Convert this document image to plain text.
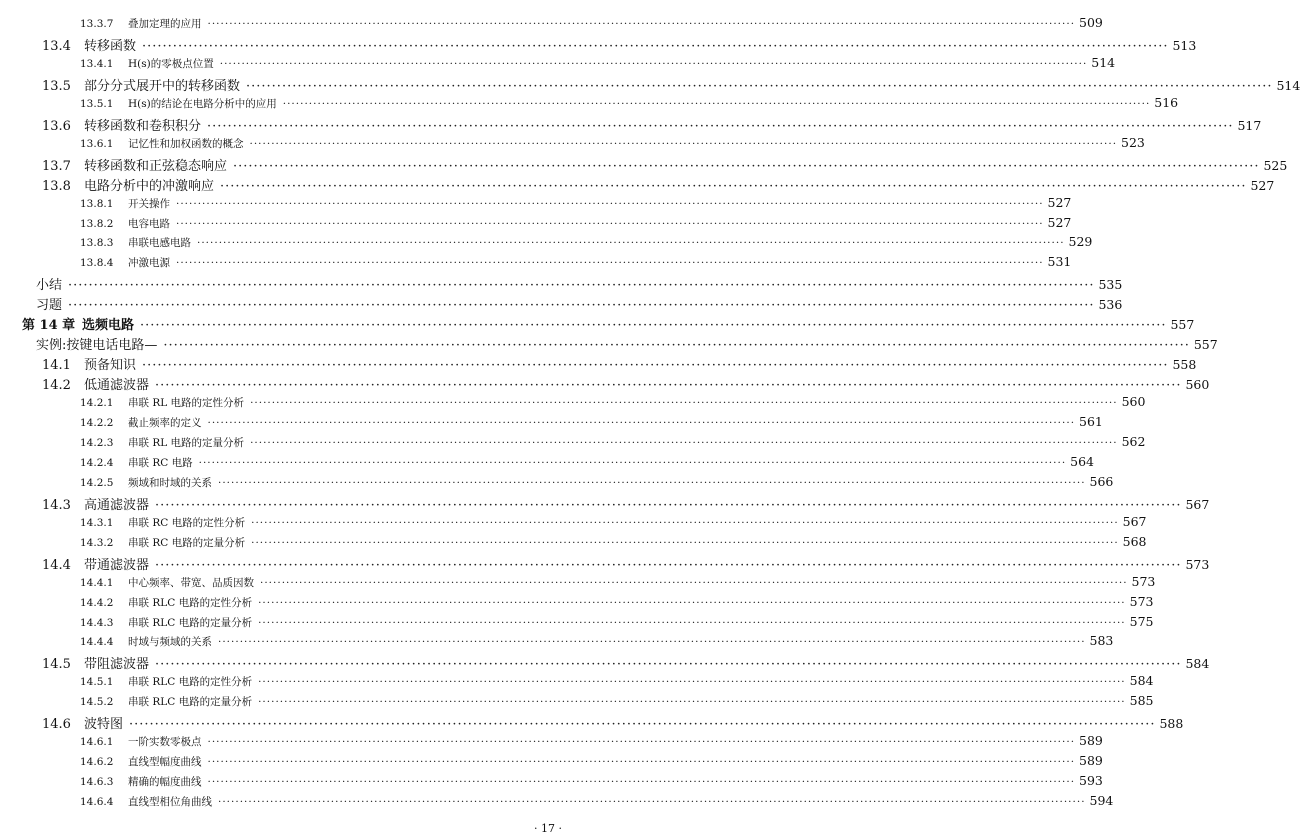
13.3.7	叠加定理的应用 ········································································································································································································ 509
13.4	转移函数 ········································································································································································································ 513
13.4.1	H(s)的零极点位置 ········································································································································································································ 514
13.5	部分分式展开中的转移函数 ········································································································································································································ 514
13.5.1	H(s)的结论在电路分析中的应用 ········································································································································································································ 516
13.6	转移函数和卷积积分 ········································································································································································································ 517
13.6.1	记忆性和加权函数的概念 ········································································································································································································ 523
13.7	转移函数和正弦稳态响应 ········································································································································································································ 525
13.8	电路分析中的冲激响应 ········································································································································································································ 527
13.8.1	开关操作 ········································································································································································································ 527
13.8.2	电容电路 ········································································································································································································ 527
13.8.3	串联电感电路 ········································································································································································································ 529
13.8.4	冲激电源 ········································································································································································································ 531
小结 ········································································································································································································ 535
习题 ········································································································································································································ 536
第 14 章 选频电路 ········································································································································································································ 557
实例:按键电话电路— ········································································································································································································ 557
14.1	预备知识 ········································································································································································································ 558
14.2	低通滤波器 ········································································································································································································ 560
14.2.1	串联 RL 电路的定性分析 ········································································································································································································ 560
14.2.2	截止频率的定义 ········································································································································································································ 561
14.2.3	串联 RL 电路的定量分析 ········································································································································································································ 562
14.2.4	串联 RC 电路 ········································································································································································································ 564
14.2.5	频域和时域的关系 ········································································································································································································ 566
14.3	高通滤波器 ········································································································································································································ 567
14.3.1	串联 RC 电路的定性分析 ········································································································································································································ 567
14.3.2	串联 RC 电路的定量分析 ········································································································································································································ 568
14.4	带通滤波器 ········································································································································································································ 573
14.4.1	中心频率、带宽、品质因数 ········································································································································································································ 573
14.4.2	串联 RLC 电路的定性分析 ········································································································································································································ 573
14.4.3	串联 RLC 电路的定量分析 ········································································································································································································ 575
14.4.4	时域与频域的关系 ········································································································································································································ 583
14.5	带阻滤波器 ········································································································································································································ 584
14.5.1	串联 RLC 电路的定性分析 ········································································································································································································ 584
14.5.2	串联 RLC 电路的定量分析 ········································································································································································································ 585
14.6	波特图 ········································································································································································································ 588
14.6.1	一阶实数零极点 ········································································································································································································ 589
14.6.2	直线型幅度曲线 ········································································································································································································ 589
14.6.3	精确的幅度曲线 ········································································································································································································ 593
14.6.4	直线型相位角曲线 ········································································································································································································ 594
· 17 ·
